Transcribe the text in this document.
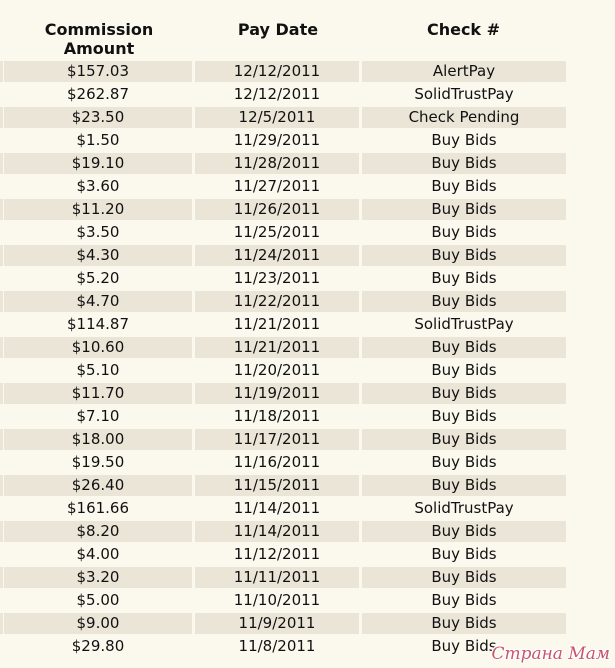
Commission
Amount
Pay Date	Check #
$157.03	12/12/2011	AlertPay
$262.87	12/12/2011	SolidTrustPay
$23.50	12/5/2011	Check Pending
$1.50	11/29/2011	Buy Bids
$19.10	11/28/2011	Buy Bids
$3.60	11/27/2011	Buy Bids
$11.20	11/26/2011	Buy Bids
$3.50	11/25/2011	Buy Bids
$4.30	11/24/2011	Buy Bids
$5.20	11/23/2011	Buy Bids
$4.70	11/22/2011	Buy Bids
$114.87	11/21/2011	SolidTrustPay
$10.60	11/21/2011	Buy Bids
$5.10	11/20/2011	Buy Bids
$11.70	11/19/2011	Buy Bids
$7.10	11/18/2011	Buy Bids
$18.00	11/17/2011	Buy Bids
$19.50	11/16/2011	Buy Bids
$26.40	11/15/2011	Buy Bids
$161.66	11/14/2011	SolidTrustPay
$8.20	11/14/2011	Buy Bids
$4.00	11/12/2011	Buy Bids
$3.20	11/11/2011	Buy Bids
$5.00	11/10/2011	Buy Bids
$9.00	11/9/2011	Buy Bids
$29.80	11/8/2011	Buy Bids
Страна Мам
